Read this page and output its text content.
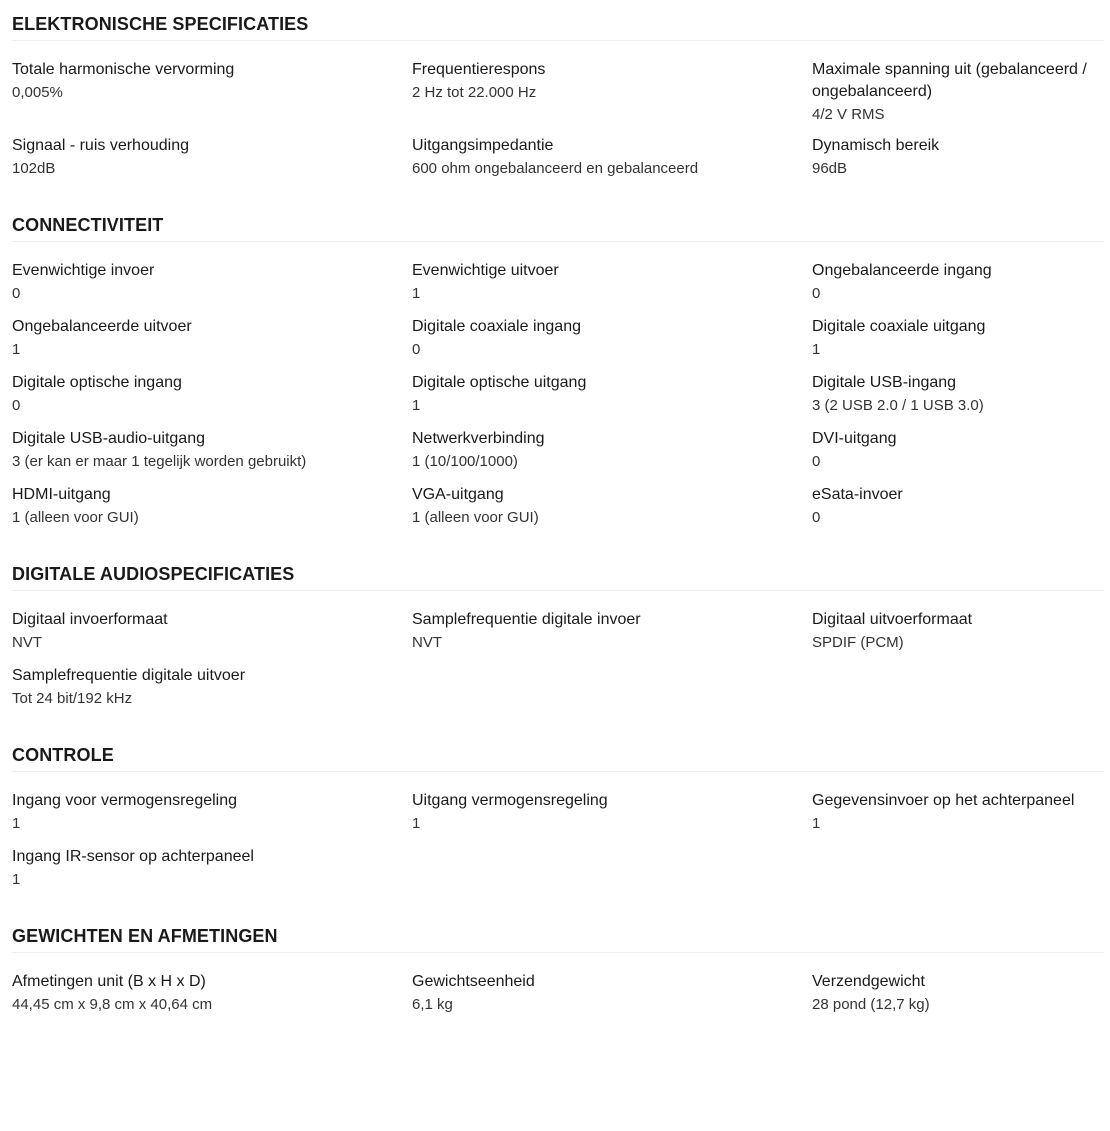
ELEKTRONISCHE SPECIFICATIES
Totale harmonische vervorming
0,005%
Frequentierespons
2 Hz tot 22.000 Hz
Maximale spanning uit (gebalanceerd / ongebalanceerd)
4/2 V RMS
Signaal - ruis verhouding
102dB
Uitgangsimpedantie
600 ohm ongebalanceerd en gebalanceerd
Dynamisch bereik
96dB
CONNECTIVITEIT
Evenwichtige invoer
0
Evenwichtige uitvoer
1
Ongebalanceerde ingang
0
Ongebalanceerde uitvoer
1
Digitale coaxiale ingang
0
Digitale coaxiale uitgang
1
Digitale optische ingang
0
Digitale optische uitgang
1
Digitale USB-ingang
3 (2 USB 2.0 / 1 USB 3.0)
Digitale USB-audio-uitgang
3 (er kan er maar 1 tegelijk worden gebruikt)
Netwerkverbinding
1 (10/100/1000)
DVI-uitgang
0
HDMI-uitgang
1 (alleen voor GUI)
VGA-uitgang
1 (alleen voor GUI)
eSata-invoer
0
DIGITALE AUDIOSPECIFICATIES
Digitaal invoerformaat
NVT
Samplefrequentie digitale invoer
NVT
Digitaal uitvoerformaat
SPDIF (PCM)
Samplefrequentie digitale uitvoer
Tot 24 bit/192 kHz
CONTROLE
Ingang voor vermogensregeling
1
Uitgang vermogensregeling
1
Gegevensinvoer op het achterpaneel
1
Ingang IR-sensor op achterpaneel
1
GEWICHTEN EN AFMETINGEN
Afmetingen unit (B x H x D)
44,45 cm x 9,8 cm x 40,64 cm
Gewichtseenheid
6,1 kg
Verzendgewicht
28 pond (12,7 kg)
